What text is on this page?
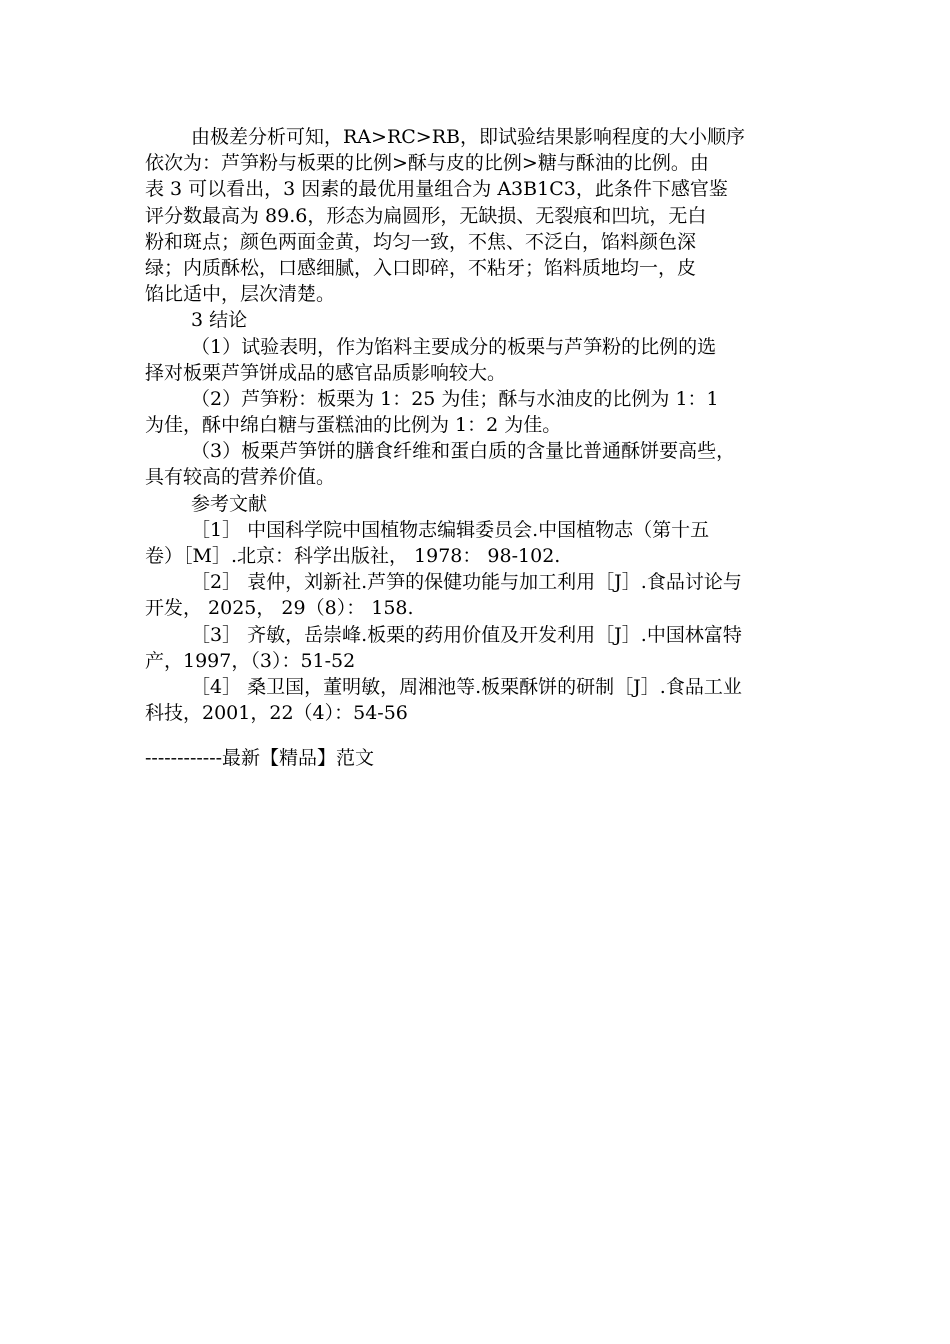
由极差分析可知，RA>RC>RB，即试验结果影响程度的大小顺序
依次为：芦笋粉与板栗的比例>酥与皮的比例>糖与酥油的比例。由
表 3 可以看出，3 因素的最优用量组合为 A3B1C3，此条件下感官鉴
评分数最高为 89.6，形态为扁圆形，无缺损、无裂痕和凹坑，无白
粉和斑点；颜色两面金黄，均匀一致，不焦、不泛白，馅料颜色深
绿；内质酥松，口感细腻，入口即碎，不粘牙；馅料质地均一，皮
馅比适中，层次清楚。
3 结论
（1）试验表明，作为馅料主要成分的板栗与芦笋粉的比例的选
择对板栗芦笋饼成品的感官品质影响较大。
（2）芦笋粉：板栗为 1：25 为佳；酥与水油皮的比例为 1：1
为佳，酥中绵白糖与蛋糕油的比例为 1：2 为佳。
（3）板栗芦笋饼的膳食纤维和蛋白质的含量比普通酥饼要高些，
具有较高的营养价值。
参考文献
［1］ 中国科学院中国植物志编辑委员会.中国植物志（第十五
卷）［M］.北京：科学出版社， 1978： 98-102.
［2］ 袁仲，刘新社.芦笋的保健功能与加工利用［J］.食品讨论与
开发， 2025， 29（8）： 158.
［3］ 齐敏，岳崇峰.板栗的药用价值及开发利用［J］.中国林富特
产，1997，（3）：51-52
［4］ 桑卫国，董明敏，周湘池等.板栗酥饼的研制［J］.食品工业
科技，2001，22（4）：54-56
------------最新【精品】范文
